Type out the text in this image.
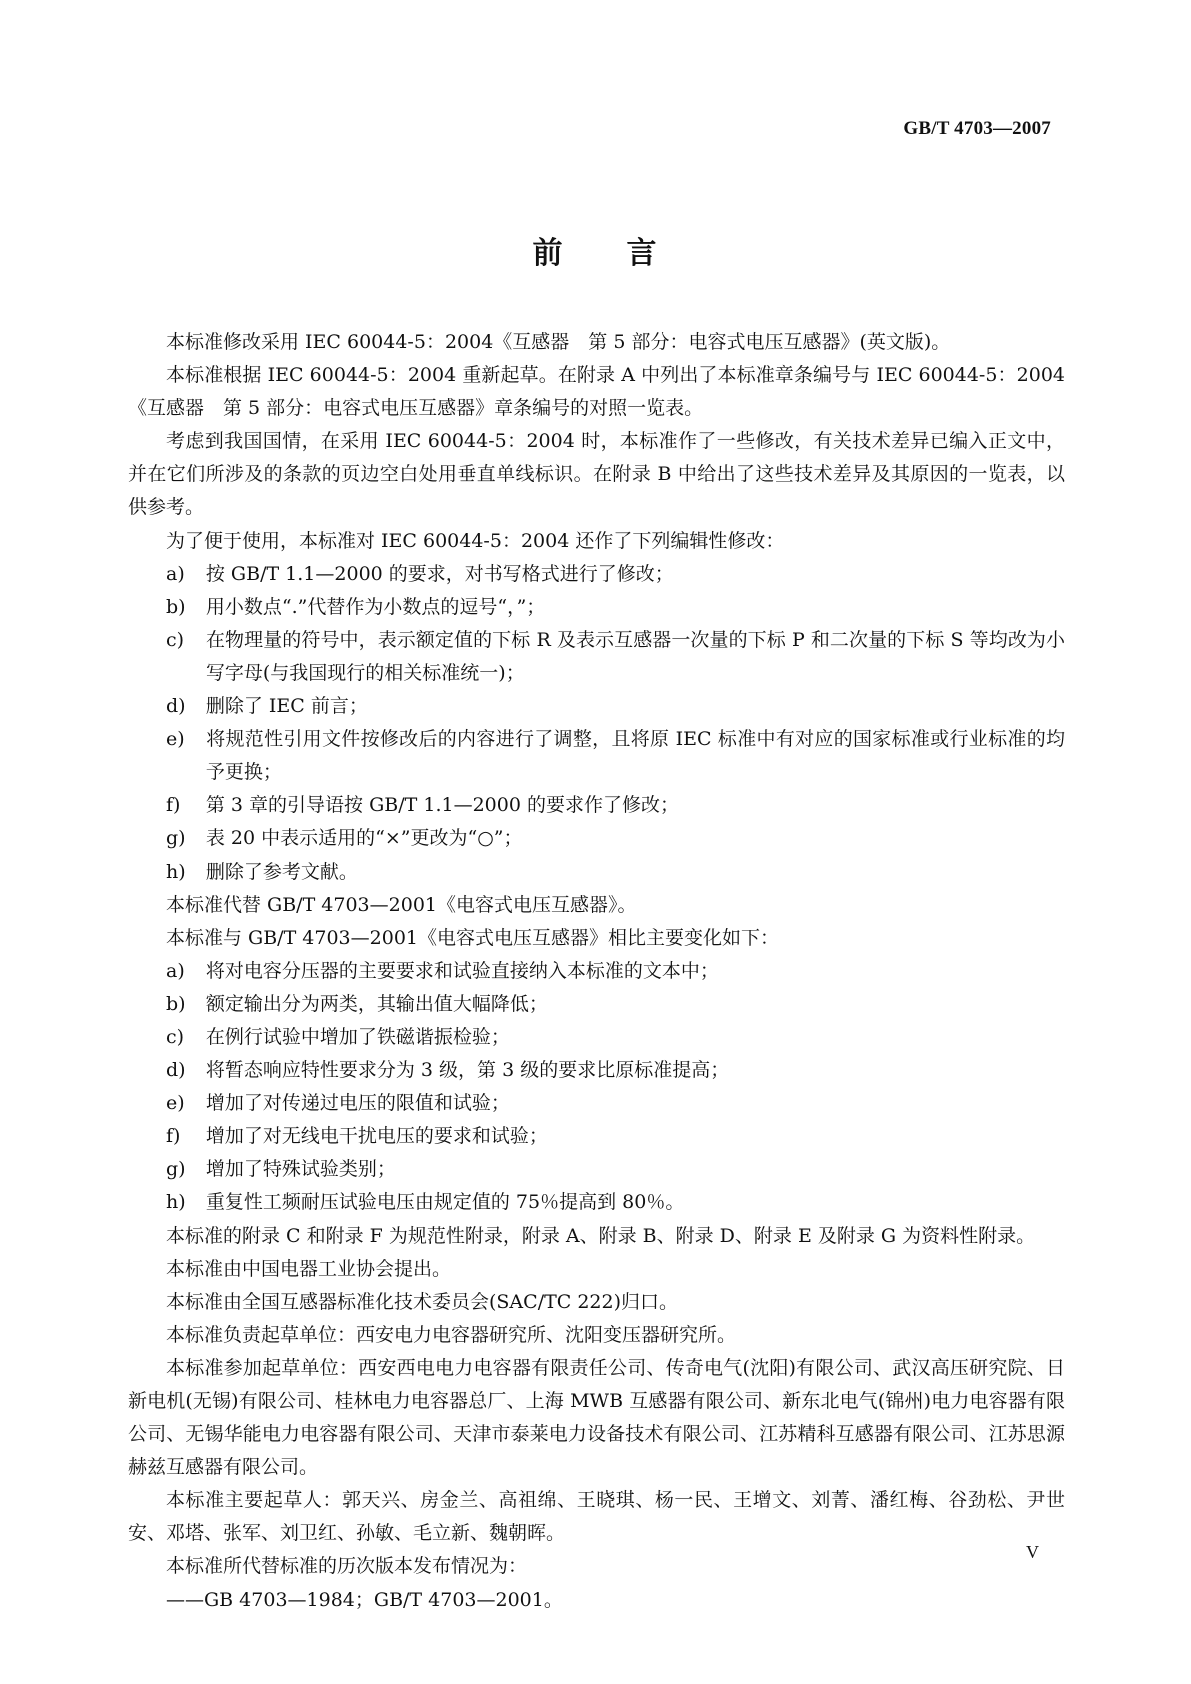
GB/T 4703—2007
前 言

本标准修改采用 IEC 60044-5：2004《互感器　第 5 部分：电容式电压互感器》(英文版)。

本标准根据 IEC 60044-5：2004 重新起草。在附录 A 中列出了本标准章条编号与 IEC 60044-5：2004《互感器　第 5 部分：电容式电压互感器》章条编号的对照一览表。

考虑到我国国情，在采用 IEC 60044-5：2004 时，本标准作了一些修改，有关技术差异已编入正文中，并在它们所涉及的条款的页边空白处用垂直单线标识。在附录 B 中给出了这些技术差异及其原因的一览表，以供参考。

为了便于使用，本标准对 IEC 60044-5：2004 还作了下列编辑性修改：

a) 按 GB/T 1.1—2000 的要求，对书写格式进行了修改；

b) 用小数点“.”代替作为小数点的逗号“，”；

c) 在物理量的符号中，表示额定值的下标 R 及表示互感器一次量的下标 P 和二次量的下标 S 等均改为小写字母(与我国现行的相关标准统一)；

d) 删除了 IEC 前言；

e) 将规范性引用文件按修改后的内容进行了调整，且将原 IEC 标准中有对应的国家标准或行业标准的均予更换；

f) 第 3 章的引导语按 GB/T 1.1—2000 的要求作了修改；

g) 表 20 中表示适用的“×”更改为“○”；

h) 删除了参考文献。

本标准代替 GB/T 4703—2001《电容式电压互感器》。

本标准与 GB/T 4703—2001《电容式电压互感器》相比主要变化如下：

a) 将对电容分压器的主要要求和试验直接纳入本标准的文本中；

b) 额定输出分为两类，其输出值大幅降低；

c) 在例行试验中增加了铁磁谐振检验；

d) 将暂态响应特性要求分为 3 级，第 3 级的要求比原标准提高；

e) 增加了对传递过电压的限值和试验；

f) 增加了对无线电干扰电压的要求和试验；

g) 增加了特殊试验类别；

h) 重复性工频耐压试验电压由规定值的 75％提高到 80％。

本标准的附录 C 和附录 F 为规范性附录，附录 A、附录 B、附录 D、附录 E 及附录 G 为资料性附录。

本标准由中国电器工业协会提出。

本标准由全国互感器标准化技术委员会(SAC/TC 222)归口。

本标准负责起草单位：西安电力电容器研究所、沈阳变压器研究所。

本标准参加起草单位：西安西电电力电容器有限责任公司、传奇电气(沈阳)有限公司、武汉高压研究院、日新电机(无锡)有限公司、桂林电力电容器总厂、上海 MWB 互感器有限公司、新东北电气(锦州)电力电容器有限公司、无锡华能电力电容器有限公司、天津市泰莱电力设备技术有限公司、江苏精科互感器有限公司、江苏思源赫兹互感器有限公司。

本标准主要起草人：郭天兴、房金兰、高祖绵、王晓琪、杨一民、王增文、刘菁、潘红梅、谷劲松、尹世安、邓塔、张军、刘卫红、孙敏、毛立新、魏朝晖。

本标准所代替标准的历次版本发布情况为：

——GB 4703—1984；GB/T 4703—2001。

V
